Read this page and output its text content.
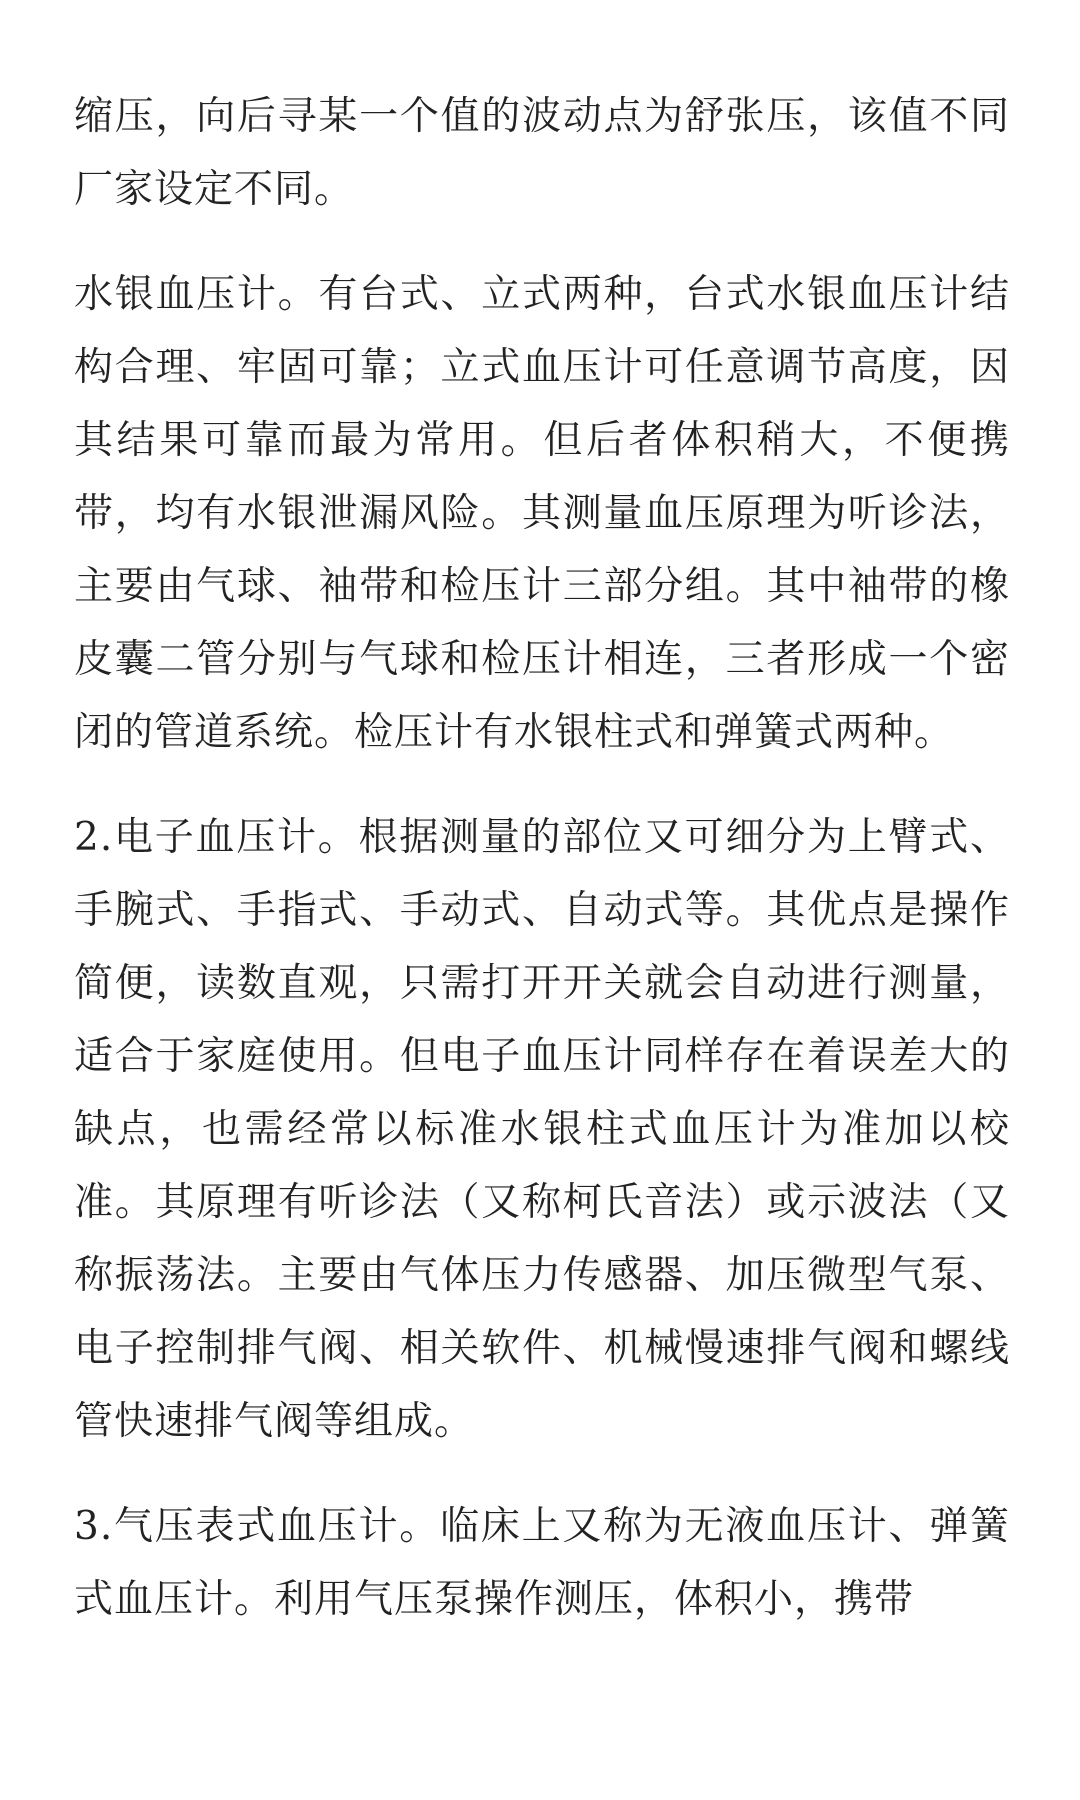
缩压，向后寻某一个值的波动点为舒张压，该值不同厂家设定不同。

水银血压计。有台式、立式两种，台式水银血压计结构合理、牢固可靠；立式血压计可任意调节高度，因其结果可靠而最为常用。但后者体积稍大，不便携带，均有水银泄漏风险。其测量血压原理为听诊法，主要由气球、袖带和检压计三部分组。其中袖带的橡皮囊二管分别与气球和检压计相连，三者形成一个密闭的管道系统。检压计有水银柱式和弹簧式两种。

2.电子血压计。根据测量的部位又可细分为上臂式、手腕式、手指式、手动式、自动式等。其优点是操作简便，读数直观，只需打开开关就会自动进行测量，适合于家庭使用。但电子血压计同样存在着误差大的缺点，也需经常以标准水银柱式血压计为准加以校准。其原理有听诊法（又称柯氏音法）或示波法（又称振荡法。主要由气体压力传感器、加压微型气泵、电子控制排气阀、相关软件、机械慢速排气阀和螺线管快速排气阀等组成。

3.气压表式血压计。临床上又称为无液血压计、弹簧式血压计。利用气压泵操作测压，体积小，携带
